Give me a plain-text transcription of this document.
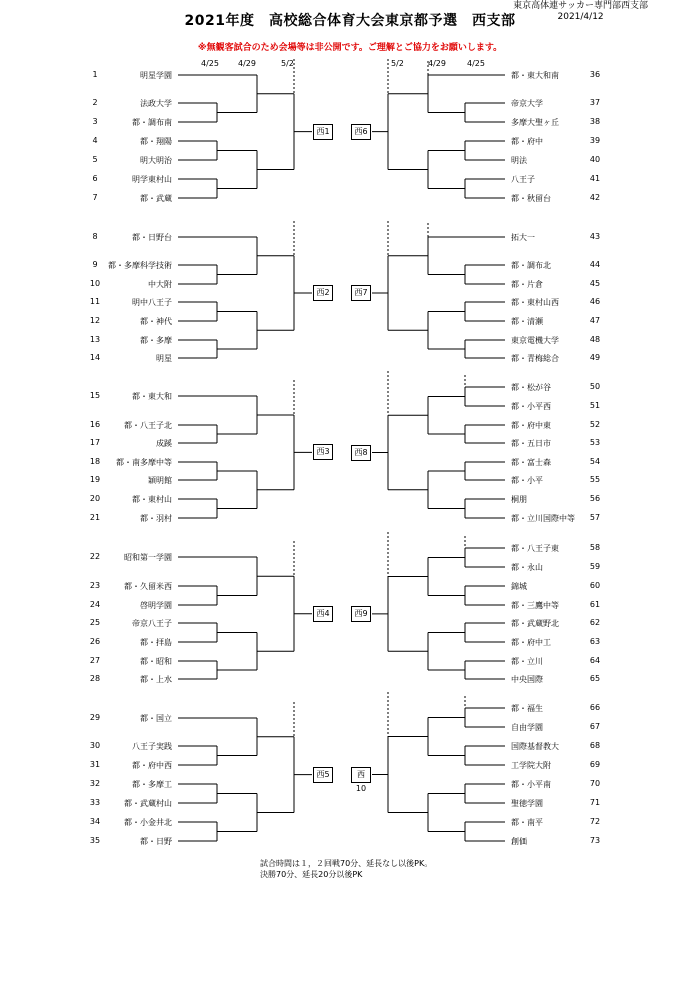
2021年度　高校総合体育大会東京都予選　西支部
東京高体連サッカー専門部西支部
2021/4/12
※無観客試合のため会場等は非公開です。ご理解とご協力をお願いします。
4/25 4/29	5/2	5/2	4/29	4/25
1	明星学園
2	法政大学
3	都・調布南
4	都・翔陽
5	明大明治
6	明学東村山
7	都・武蔵
8	都・日野台
9	都・多摩科学技術
10	中大附
11	明中八王子
12	都・神代
13	都・多摩
14	明星
15	都・東大和
16	都・八王子北
17	成蹊
18	都・南多摩中等
19	穎明館
20	都・東村山
21	都・羽村
22	昭和第一学園
23	都・久留米西
24	啓明学園
25	帝京八王子
26	都・拝島
27	都・昭和
28	都・上水
29	都・国立
30	八王子実践
31	都・府中西
32	都・多摩工
33	都・武蔵村山
34	都・小金井北
35	都・日野
都・東大和南	36
帝京大学	37
多摩大聖ヶ丘	38
都・府中	39
明法	40
八王子	41
都・秋留台	42
拓大一	43
都・調布北	44
都・片倉	45
都・東村山西	46
都・清瀬	47
東京電機大学	48
都・青梅総合	49
都・松が谷	50
都・小平西	51
都・府中東	52
都・五日市	53
都・富士森	54
都・小平	55
桐朋	56
都・立川国際中等	57
都・八王子東	58
都・永山	59
錦城	60
都・三鷹中等	61
都・武蔵野北	62
都・府中工	63
都・立川	64
中央国際	65
都・福生	66
自由学園	67
国際基督教大	68
工学院大附	69
都・小平南	70
聖徳学園	71
都・南平	72
創価	73
西1
西2
西3
西4
西5
西6
西7
西8
西9
西10
試合時間は１，２回戦70分、延長なし以後PK。
決勝70分、延長20分以後PK
